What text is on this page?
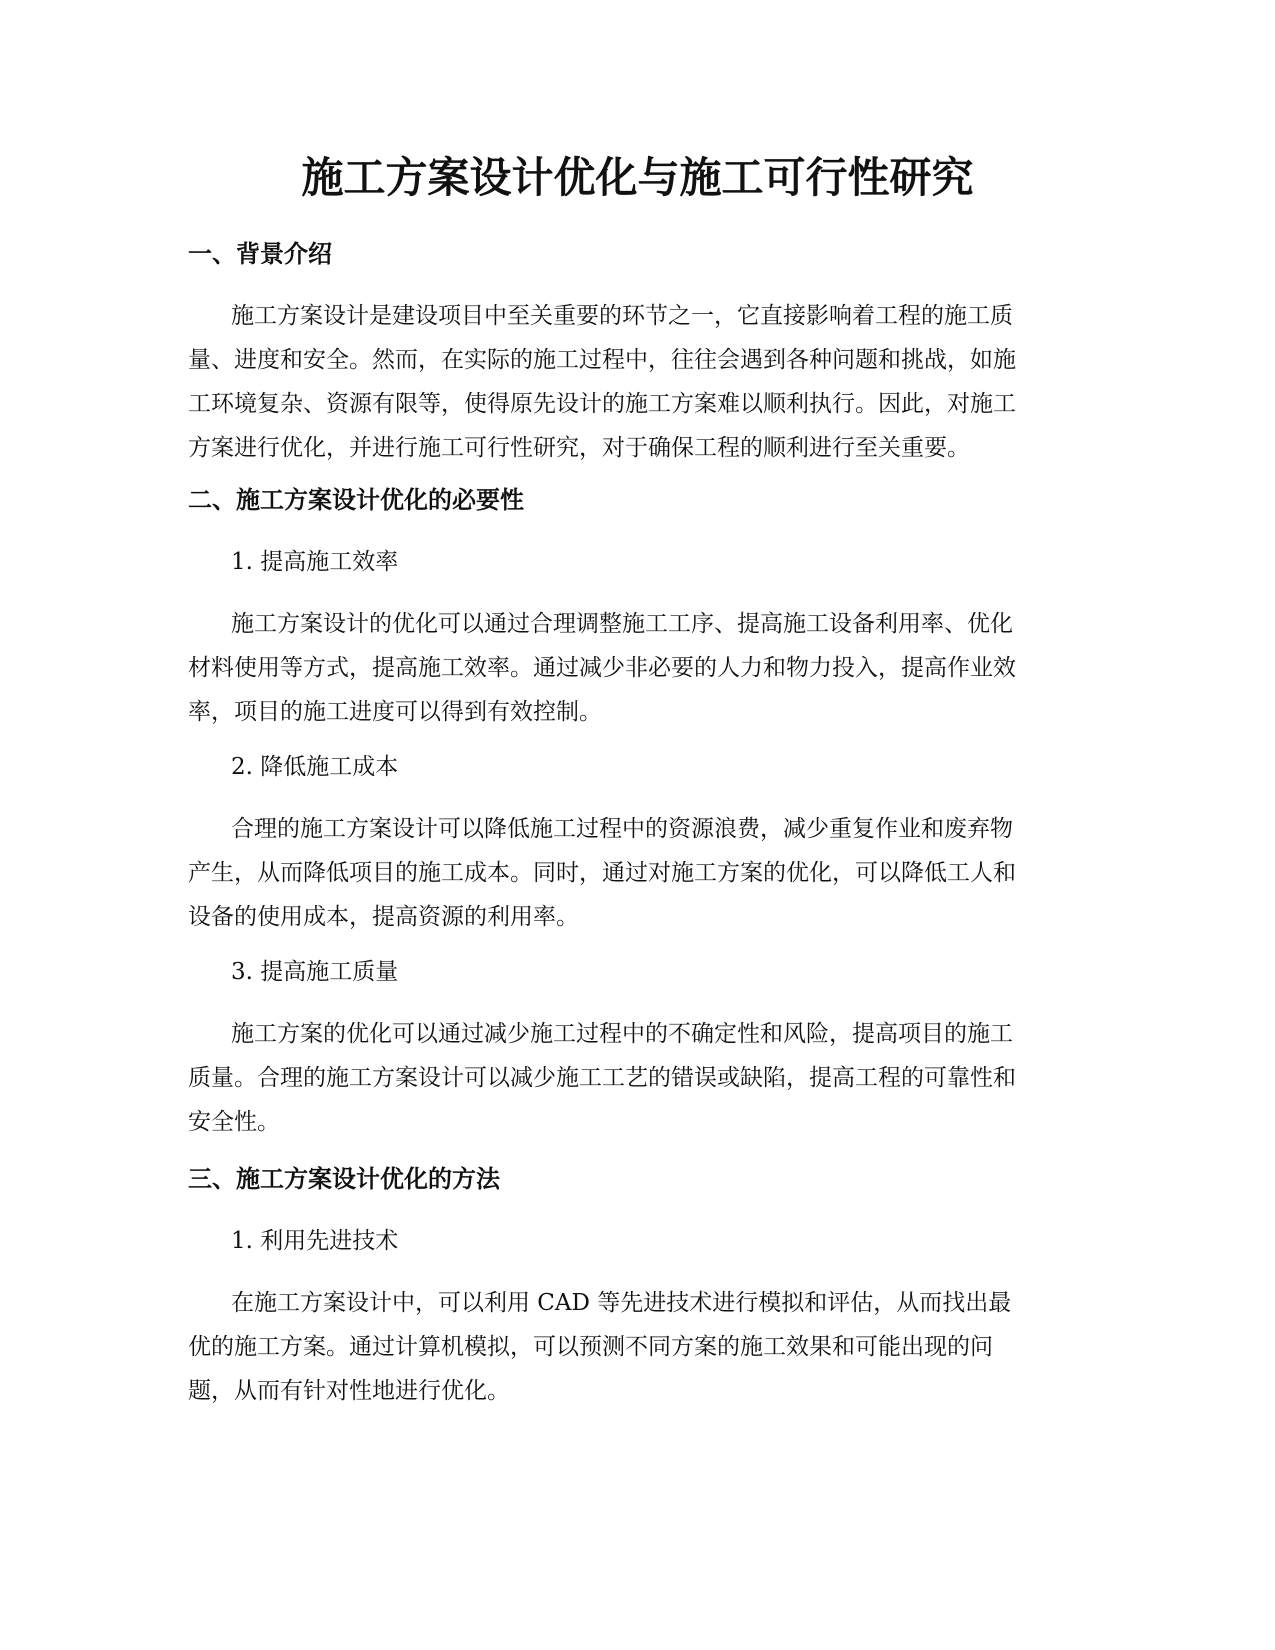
施工方案设计优化与施工可行性研究
一、背景介绍
施工方案设计是建设项目中至关重要的环节之一，它直接影响着工程的施工质
量、进度和安全。然而，在实际的施工过程中，往往会遇到各种问题和挑战，如施
工环境复杂、资源有限等，使得原先设计的施工方案难以顺利执行。因此，对施工
方案进行优化，并进行施工可行性研究，对于确保工程的顺利进行至关重要。
二、施工方案设计优化的必要性

1. 提高施工效率

施工方案设计的优化可以通过合理调整施工工序、提高施工设备利用率、优化
材料使用等方式，提高施工效率。通过减少非必要的人力和物力投入，提高作业效
率，项目的施工进度可以得到有效控制。

2. 降低施工成本

合理的施工方案设计可以降低施工过程中的资源浪费，减少重复作业和废弃物
产生，从而降低项目的施工成本。同时，通过对施工方案的优化，可以降低工人和
设备的使用成本，提高资源的利用率。

3. 提高施工质量

施工方案的优化可以通过减少施工过程中的不确定性和风险，提高项目的施工
质量。合理的施工方案设计可以减少施工工艺的错误或缺陷，提高工程的可靠性和
安全性。
三、施工方案设计优化的方法

1. 利用先进技术

在施工方案设计中，可以利用 CAD 等先进技术进行模拟和评估，从而找出最
优的施工方案。通过计算机模拟，可以预测不同方案的施工效果和可能出现的问
题，从而有针对性地进行优化。
